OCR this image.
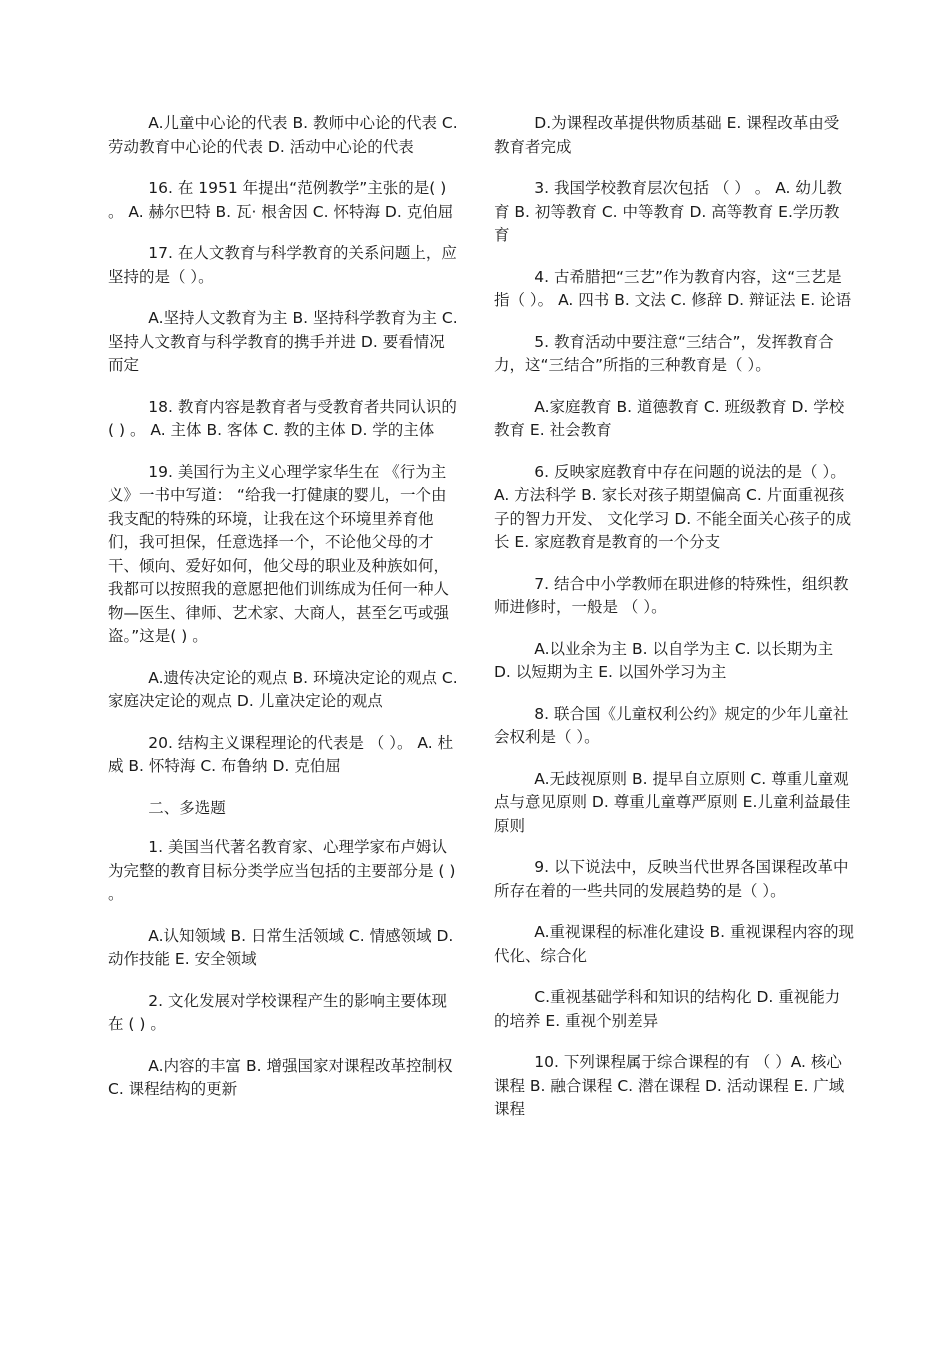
A.儿童中心论的代表 B. 教师中心论的代表 C. 劳动教育中心论的代表 D. 活动中心论的代表

16. 在 1951 年提出“范例教学”主张的是( ) 。 A. 赫尔巴特 B. 瓦· 根舍因 C. 怀特海 D. 克伯屈

17. 在人文教育与科学教育的关系问题上，应坚持的是（ ）。

A.坚持人文教育为主 B. 坚持科学教育为主 C. 坚持人文教育与科学教育的携手并进 D. 要看情况而定

18. 教育内容是教育者与受教育者共同认识的( ) 。 A. 主体 B. 客体 C. 教的主体 D. 学的主体

19. 美国行为主义心理学家华生在 《行为主义》一书中写道： “给我一打健康的婴儿，一个由我支配的特殊的环境，让我在这个环境里养育他们，我可担保，任意选择一个，不论他父母的才干、倾向、爱好如何，他父母的职业及种族如何，我都可以按照我的意愿把他们训练成为任何一种人物—医生、律师、艺术家、大商人，甚至乞丐或强盗。”这是( ) 。

A.遗传决定论的观点 B. 环境决定论的观点 C. 家庭决定论的观点 D. 儿童决定论的观点

20. 结构主义课程理论的代表是 （ ）。 A. 杜威 B. 怀特海 C. 布鲁纳 D. 克伯屈

二、多选题

1. 美国当代著名教育家、心理学家布卢姆认为完整的教育目标分类学应当包括的主要部分是 ( ) 。

A.认知领域 B. 日常生活领域 C. 情感领域 D. 动作技能 E. 安全领域

2. 文化发展对学校课程产生的影响主要体现在 ( ) 。

A.内容的丰富 B. 增强国家对课程改革控制权 C. 课程结构的更新

D.为课程改革提供物质基础 E. 课程改革由受教育者完成

3. 我国学校教育层次包括 （ ） 。 A. 幼儿教育 B. 初等教育 C. 中等教育 D. 高等教育 E.学历教育

4. 古希腊把“三艺”作为教育内容，这“三艺是指（ ）。 A. 四书 B. 文法 C. 修辞 D. 辩证法 E. 论语

5. 教育活动中要注意“三结合”，发挥教育合力，这“三结合”所指的三种教育是（ ）。

A.家庭教育 B. 道德教育 C. 班级教育 D. 学校教育 E. 社会教育

6. 反映家庭教育中存在问题的说法的是（ ）。 A. 方法科学 B. 家长对孩子期望偏高 C. 片面重视孩子的智力开发、 文化学习 D. 不能全面关心孩子的成长 E. 家庭教育是教育的一个分支

7. 结合中小学教师在职进修的特殊性，组织教师进修时，一般是 （ ）。

A.以业余为主 B. 以自学为主 C. 以长期为主 D. 以短期为主 E. 以国外学习为主

8. 联合国《儿童权利公约》规定的少年儿童社会权利是（ ）。

A.无歧视原则 B. 提早自立原则 C. 尊重儿童观点与意见原则 D. 尊重儿童尊严原则 E.儿童利益最佳原则

9. 以下说法中，反映当代世界各国课程改革中所存在着的一些共同的发展趋势的是（ ）。

A.重视课程的标准化建设 B. 重视课程内容的现代化、综合化

C.重视基础学科和知识的结构化 D. 重视能力的培养 E. 重视个别差异

10. 下列课程属于综合课程的有 （ ）A. 核心课程 B. 融合课程 C. 潜在课程 D. 活动课程 E. 广域课程
